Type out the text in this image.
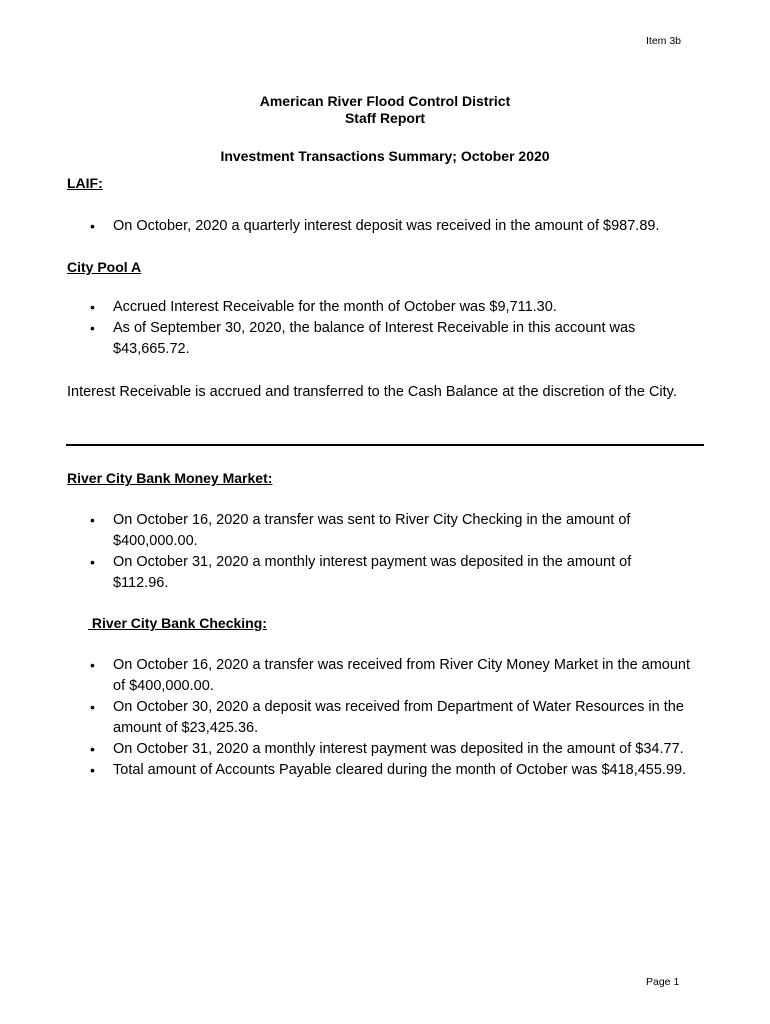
Item 3b
American River Flood Control District
Staff Report
Investment Transactions Summary; October 2020
LAIF:
• On October, 2020 a quarterly interest deposit was received in the amount of $987.89.
City Pool A
• Accrued Interest Receivable for the month of October was $9,711.30.
• As of September 30, 2020, the balance of Interest Receivable in this account was $43,665.72.
Interest Receivable is accrued and transferred to the Cash Balance at the discretion of the City.
River City Bank Money Market:
• On October 16, 2020 a transfer was sent to River City Checking in the amount of $400,000.00.
• On October 31, 2020 a monthly interest payment was deposited in the amount of $112.96.
River City Bank Checking:
• On October 16, 2020 a transfer was received from River City Money Market in the amount of $400,000.00.
• On October 30, 2020 a deposit was received from Department of Water Resources in the amount of $23,425.36.
• On October 31, 2020 a monthly interest payment was deposited in the amount of $34.77.
• Total amount of Accounts Payable cleared during the month of October was $418,455.99.
Page 1
